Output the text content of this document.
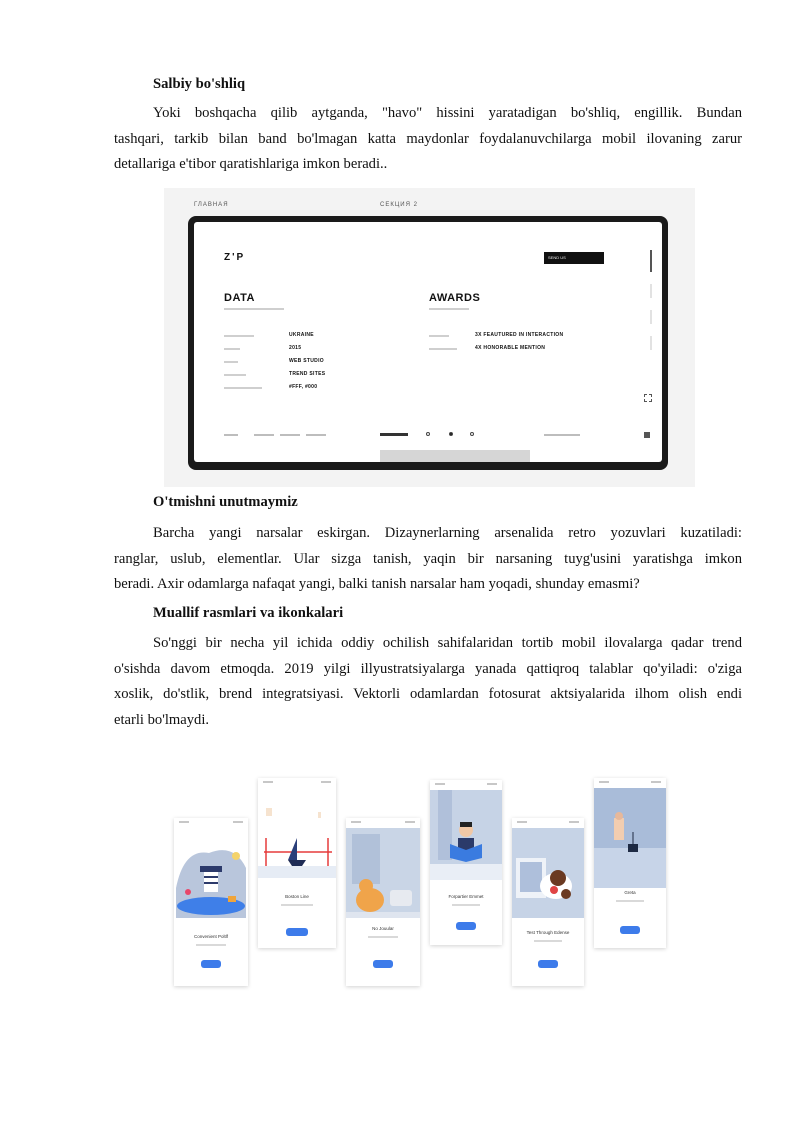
Salbiy bo'shliq
Yoki boshqacha qilib aytganda, "havo" hissini yaratadigan bo'shliq, engillik. Bundan
tashqari, tarkib bilan band bo'lmagan katta maydonlar foydalanuvchilarga mobil ilovaning zarur
detallariga e'tibor qaratishlariga imkon beradi..
ГЛАВНАЯ	СЕКЦИЯ 2
Z'P	SEND US
DATA	AWARDS
UKRAINE
2015
WEB STUDIO
TREND SITES
#FFF, #000
3X FEAUTURED IN INTERACTION
4X HONORABLE MENTION
O'tmishni unutmaymiz
Barcha yangi narsalar eskirgan. Dizaynerlarning arsenalida retro yozuvlari kuzatiladi:
ranglar, uslub, elementlar. Ular sizga tanish, yaqin bir narsaning tuyg'usini yaratishga imkon
beradi. Axir odamlarga nafaqat yangi, balki tanish narsalar ham yoqadi, shunday emasmi?
Muallif rasmlari va ikonkalari
So'nggi bir necha yil ichida oddiy ochilish sahifalaridan tortib mobil ilovalarga qadar trend
o'sishda davom etmoqda. 2019 yilgi illyustratsiyalarga yanada qattiqroq talablar qo'yiladi: o'ziga
xoslik, do'stlik, brend integratsiyasi. Vektorli odamlardan fotosurat aktsiyalarida ilhom olish endi
etarli bo'lmaydi.
Convenient Poltlf
Boston Line
No Jouular
Forpartier Emmet
Test Through Edense
Greta
